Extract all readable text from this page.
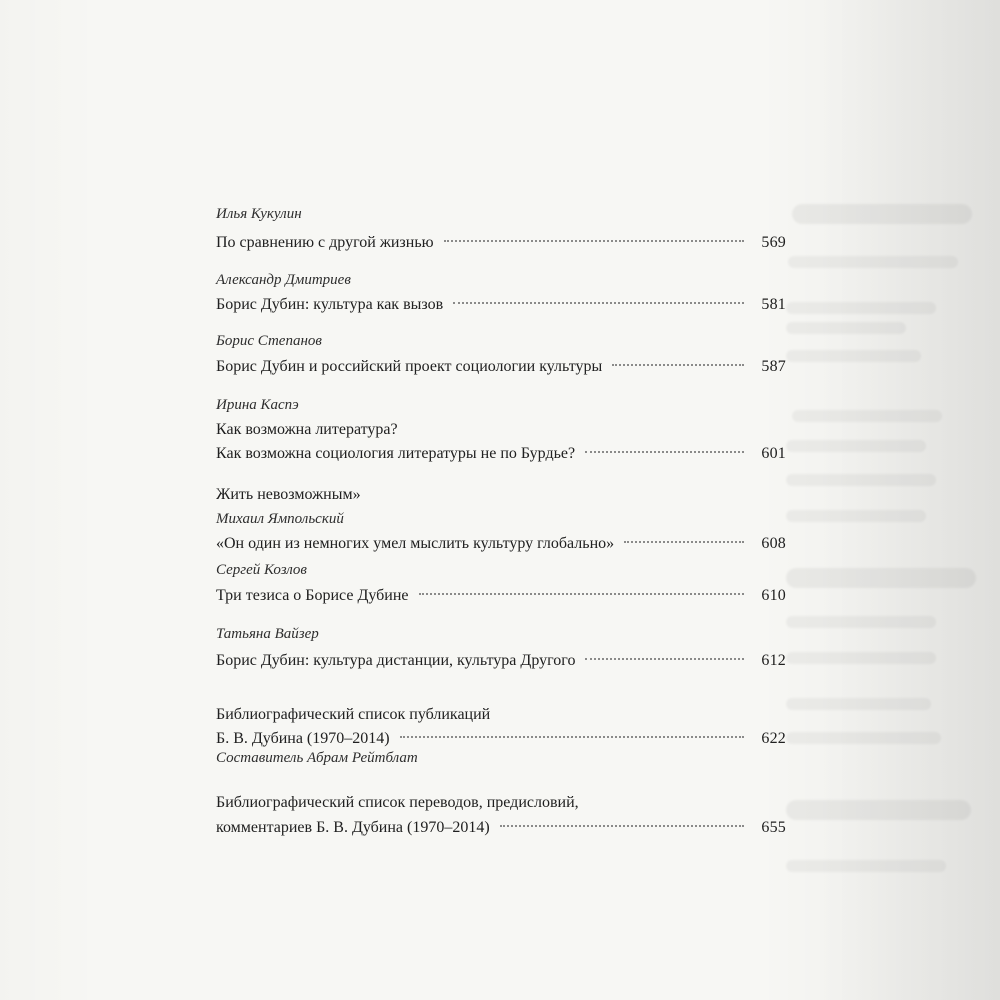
Илья Кукулин
По сравнению с другой жизнью	569
Александр Дмитриев
Борис Дубин: культура как вызов	581
Борис Степанов
Борис Дубин и российский проект социологии культуры	587
Ирина Каспэ
Как возможна литература?
Как возможна социология литературы не по Бурдье?	601
Жить невозможным»
Михаил Ямпольский
«Он один из немногих умел мыслить культуру глобально»	608
Сергей Козлов
Три тезиса о Борисе Дубине	610
Татьяна Вайзер
Борис Дубин: культура дистанции, культура Другого	612
Библиографический список публикаций
Б. В. Дубина (1970–2014)	622
Составитель Абрам Рейтблат
Библиографический список переводов, предисловий,
комментариев Б. В. Дубина (1970–2014)	655
